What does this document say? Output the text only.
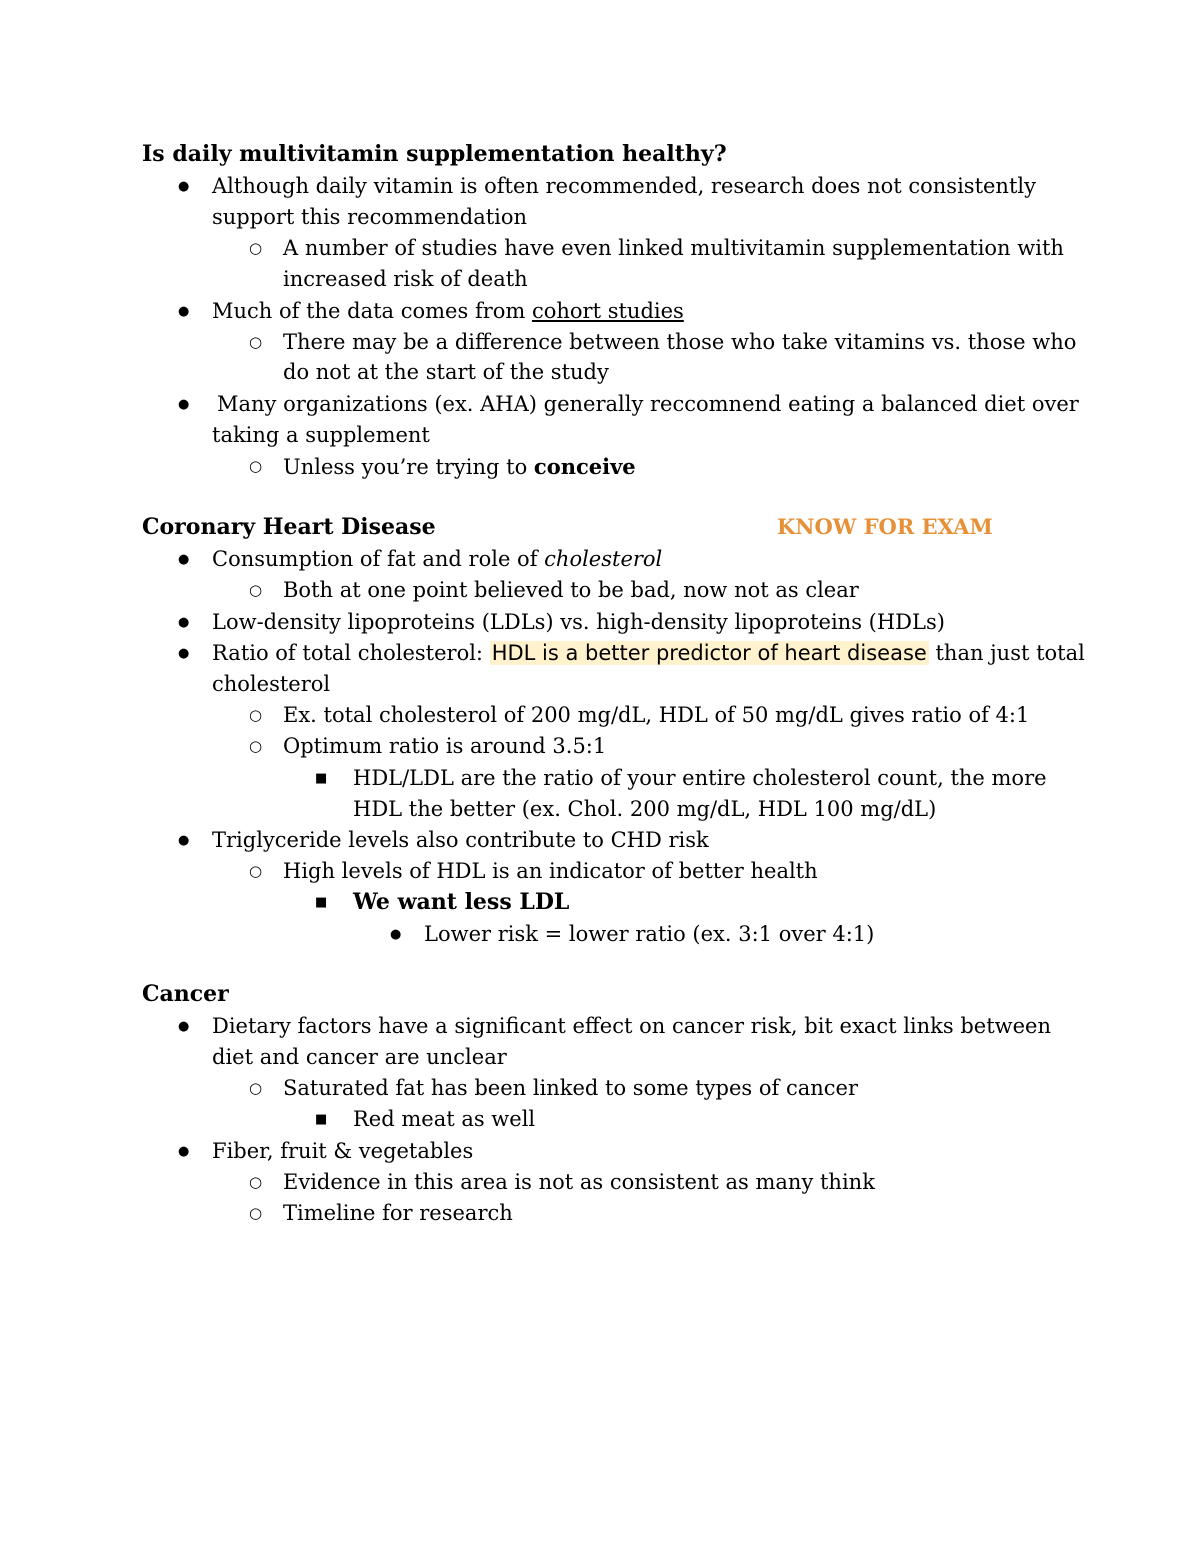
Is daily multivitamin supplementation healthy?
● Although daily vitamin is often recommended, research does not consistently
support this recommendation
○ A number of studies have even linked multivitamin supplementation with
increased risk of death
● Much of the data comes from cohort studies
○ There may be a difference between those who take vitamins vs. those who
do not at the start of the study
● Many organizations (ex. AHA) generally reccomnend eating a balanced diet over
taking a supplement
○ Unless you’re trying to conceive
Coronary Heart Disease	KNOW FOR EXAM
● Consumption of fat and role of cholesterol
○ Both at one point believed to be bad, now not as clear
● Low-density lipoproteins (LDLs) vs. high-density lipoproteins (HDLs)
● Ratio of total cholesterol: HDL is a better predictor of heart disease than just total
cholesterol
○ Ex. total cholesterol of 200 mg/dL, HDL of 50 mg/dL gives ratio of 4:1
○ Optimum ratio is around 3.5:1
■ HDL/LDL are the ratio of your entire cholesterol count, the more
HDL the better (ex. Chol. 200 mg/dL, HDL 100 mg/dL)
● Triglyceride levels also contribute to CHD risk
○ High levels of HDL is an indicator of better health
■ We want less LDL
● Lower risk = lower ratio (ex. 3:1 over 4:1)
Cancer
● Dietary factors have a significant effect on cancer risk, bit exact links between
diet and cancer are unclear
○ Saturated fat has been linked to some types of cancer
■ Red meat as well
● Fiber, fruit & vegetables
○ Evidence in this area is not as consistent as many think
○ Timeline for research
